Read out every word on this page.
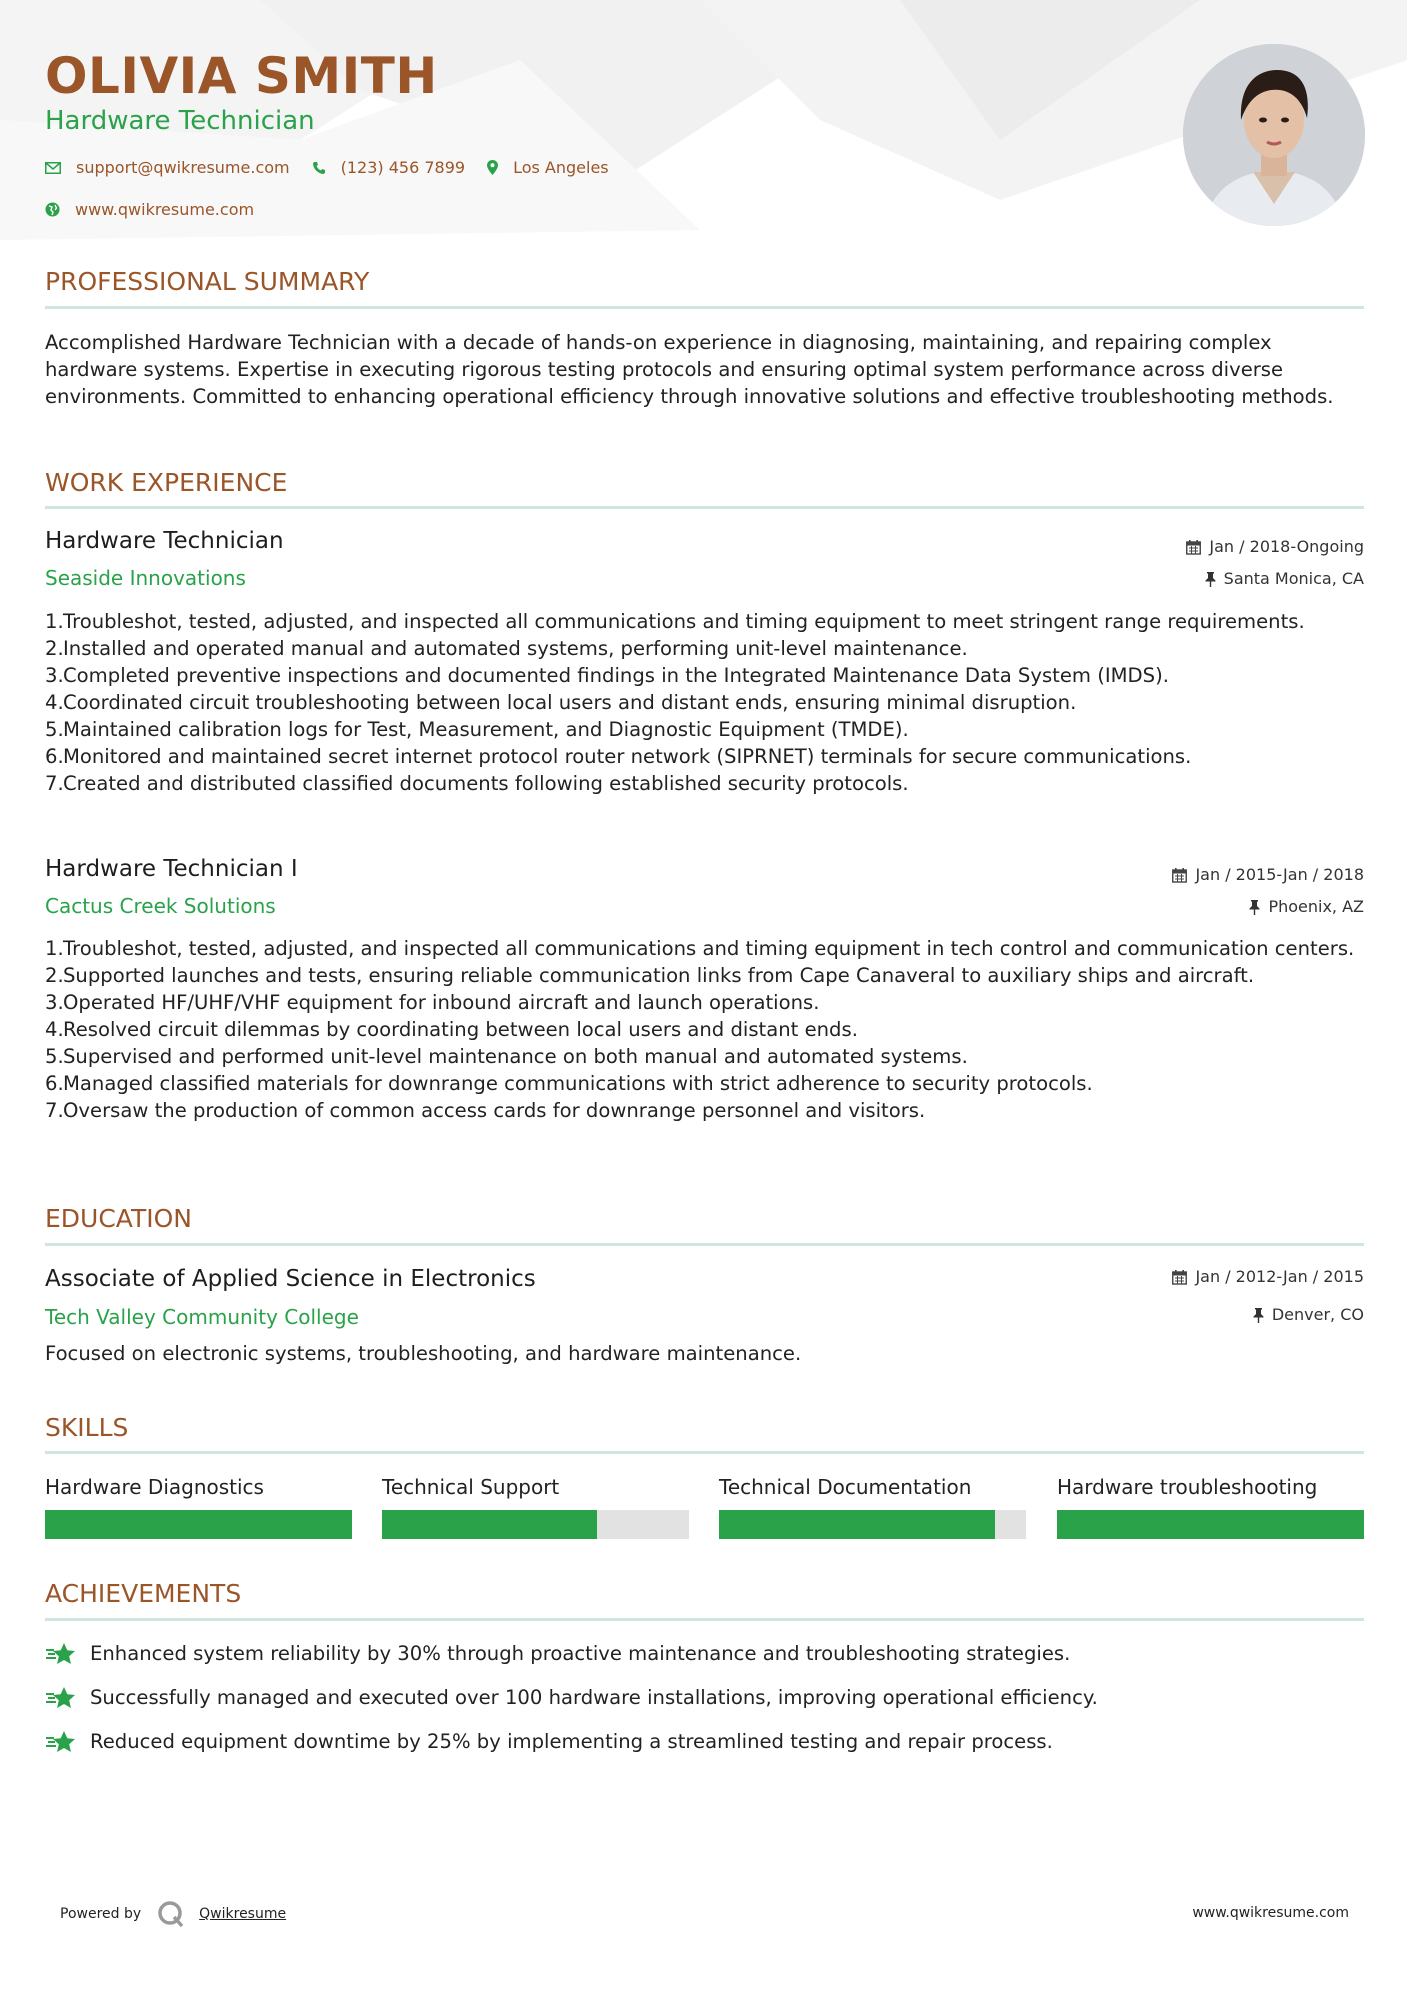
OLIVIA SMITH
Hardware Technician
support@qwikresume.com	(123) 456 7899	Los Angeles
www.qwikresume.com
PROFESSIONAL SUMMARY
Accomplished Hardware Technician with a decade of hands-on experience in diagnosing, maintaining, and repairing complex hardware systems. Expertise in executing rigorous testing protocols and ensuring optimal system performance across diverse environments. Committed to enhancing operational efficiency through innovative solutions and effective troubleshooting methods.
WORK EXPERIENCE
Hardware Technician	Jan / 2018-Ongoing
Seaside Innovations	Santa Monica, CA
1. Troubleshot, tested, adjusted, and inspected all communications and timing equipment to meet stringent range requirements.
2. Installed and operated manual and automated systems, performing unit-level maintenance.
3. Completed preventive inspections and documented findings in the Integrated Maintenance Data System (IMDS).
4. Coordinated circuit troubleshooting between local users and distant ends, ensuring minimal disruption.
5. Maintained calibration logs for Test, Measurement, and Diagnostic Equipment (TMDE).
6. Monitored and maintained secret internet protocol router network (SIPRNET) terminals for secure communications.
7. Created and distributed classified documents following established security protocols.
Hardware Technician I	Jan / 2015-Jan / 2018
Cactus Creek Solutions	Phoenix, AZ
1. Troubleshot, tested, adjusted, and inspected all communications and timing equipment in tech control and communication centers.
2. Supported launches and tests, ensuring reliable communication links from Cape Canaveral to auxiliary ships and aircraft.
3. Operated HF/UHF/VHF equipment for inbound aircraft and launch operations.
4. Resolved circuit dilemmas by coordinating between local users and distant ends.
5. Supervised and performed unit-level maintenance on both manual and automated systems.
6. Managed classified materials for downrange communications with strict adherence to security protocols.
7. Oversaw the production of common access cards for downrange personnel and visitors.
EDUCATION
Associate of Applied Science in Electronics	Jan / 2012-Jan / 2015
Tech Valley Community College	Denver, CO
Focused on electronic systems, troubleshooting, and hardware maintenance.
SKILLS
Hardware Diagnostics	Technical Support	Technical Documentation	Hardware troubleshooting
ACHIEVEMENTS
Enhanced system reliability by 30% through proactive maintenance and troubleshooting strategies.
Successfully managed and executed over 100 hardware installations, improving operational efficiency.
Reduced equipment downtime by 25% by implementing a streamlined testing and repair process.
Powered by	Qwikresume	www.qwikresume.com
